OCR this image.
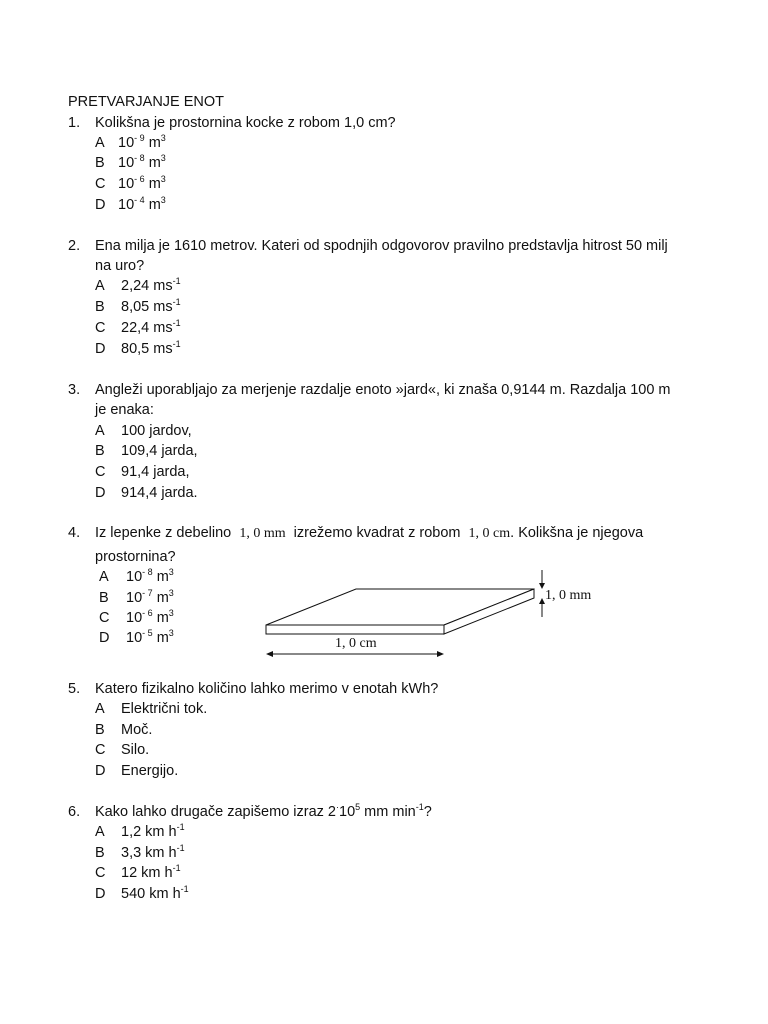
PRETVARJANJE ENOT
1. Kolikšna je prostornina kocke z robom 1,0 cm?
A $10^{- 9}$ $m^3$
B $10^{- 8}$ $m^3$
C $10^{- 6}$ $m^3$
D $10^{- 4}$ $m^3$
2. Ena milja je 1610 metrov. Kateri od spodnjih odgovorov pravilno predstavlja hitrost 50 milj
na uro?
A 2,24 $ms^{-1}$
B 8,05 $ms^{-1}$
C 22,4 $ms^{-1}$
D 80,5 $ms^{-1}$
3. Angleži uporabljajo za merjenje razdalje enoto »jard«, ki znaša 0,9144 m. Razdalja 100 m
je enaka:
A 100 jardov,
B 109,4 jarda,
C 91,4 jarda,
D 914,4 jarda.
4. Iz lepenke z debelino 1, 0 mm izrežemo kvadrat z robom 1, 0 cm. Kolikšna je njegova
prostornina?
A $10^{- 8}$ $m^3$
B $10^{- 7}$ $m^3$
C $10^{- 6}$ $m^3$
D $10^{- 5}$ $m^3$
1, 0 mm
1, 0 cm
5. Katero fizikalno količino lahko merimo v enotah kWh?
A Električni tok.
B Moč.
C Silo.
D Energijo.
6. Kako lahko drugače zapišemo izraz $2^\cdot 10^5$ mm $\min^{-1}$?
A 1,2 km $h^{-1}$
B 3,3 km $h^{-1}$
C 12 km $h^{-1}$
D 540 km $h^{-1}$
